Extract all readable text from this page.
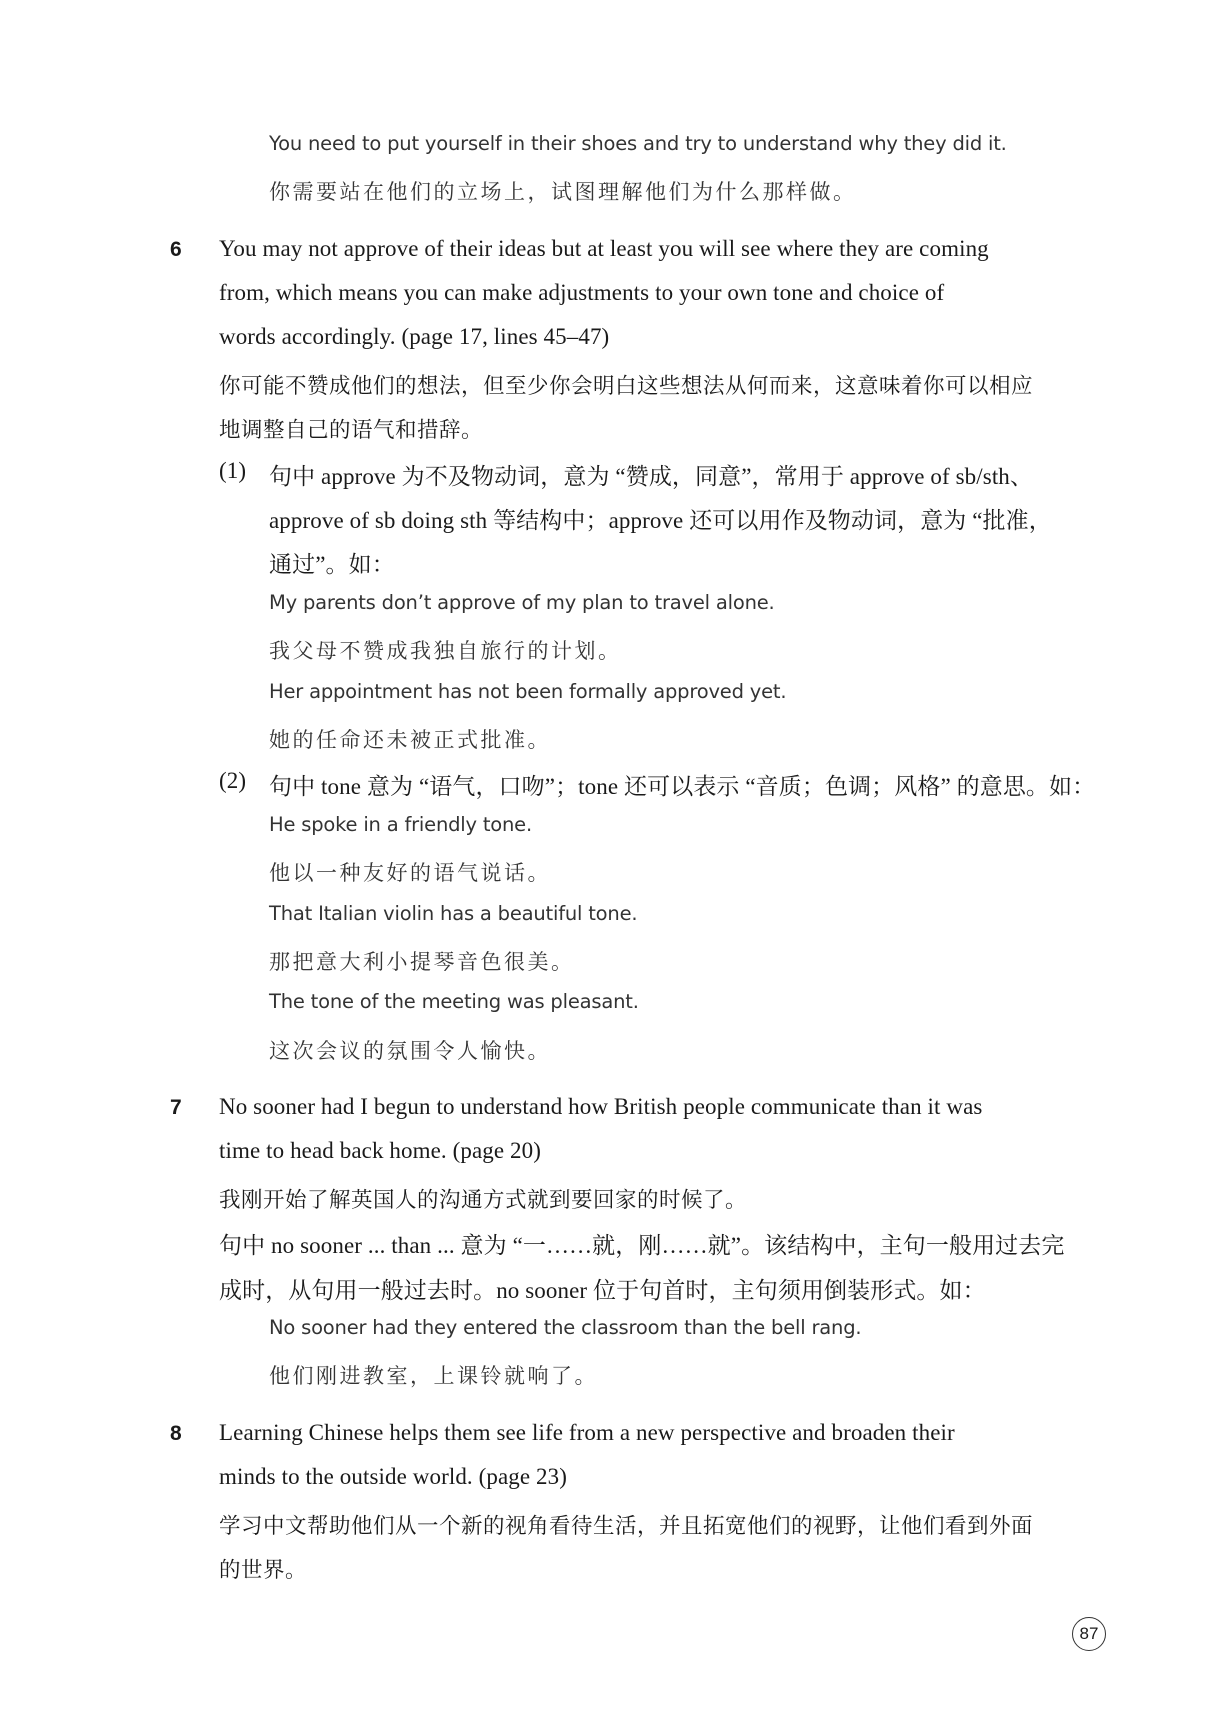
You need to put yourself in their shoes and try to understand why they did it.
你需要站在他们的立场上，试图理解他们为什么那样做。
You may not approve of their ideas but at least you will see where they are coming
from, which means you can make adjustments to your own tone and choice of
words accordingly. (page 17, lines 45–47)
你可能不赞成他们的想法，但至少你会明白这些想法从何而来，这意味着你可以相应
地调整自己的语气和措辞。
(1) 句中 approve 为不及物动词，意为 “赞成，同意”，常用于 approve of sb/sth、
approve of sb doing sth 等结构中；approve 还可以用作及物动词，意为 “批准，
通过”。如：
My parents don’t approve of my plan to travel alone.
我父母不赞成我独自旅行的计划。
Her appointment has not been formally approved yet.
她的任命还未被正式批准。
(2) 句中 tone 意为 “语气，口吻”；tone 还可以表示 “音质；色调；风格” 的意思。如：
He spoke in a friendly tone.
他以一种友好的语气说话。
That Italian violin has a beautiful tone.
那把意大利小提琴音色很美。
The tone of the meeting was pleasant.
这次会议的氛围令人愉快。
No sooner had I begun to understand how British people communicate than it was
time to head back home. (page 20)
我刚开始了解英国人的沟通方式就到要回家的时候了。
句中 no sooner ... than ... 意为 “一……就，刚……就”。该结构中，主句一般用过去完
成时，从句用一般过去时。no sooner 位于句首时，主句须用倒装形式。如：
No sooner had they entered the classroom than the bell rang.
他们刚进教室，上课铃就响了。
Learning Chinese helps them see life from a new perspective and broaden their
minds to the outside world. (page 23)
学习中文帮助他们从一个新的视角看待生活，并且拓宽他们的视野，让他们看到外面
的世界。
6
7
8
87
